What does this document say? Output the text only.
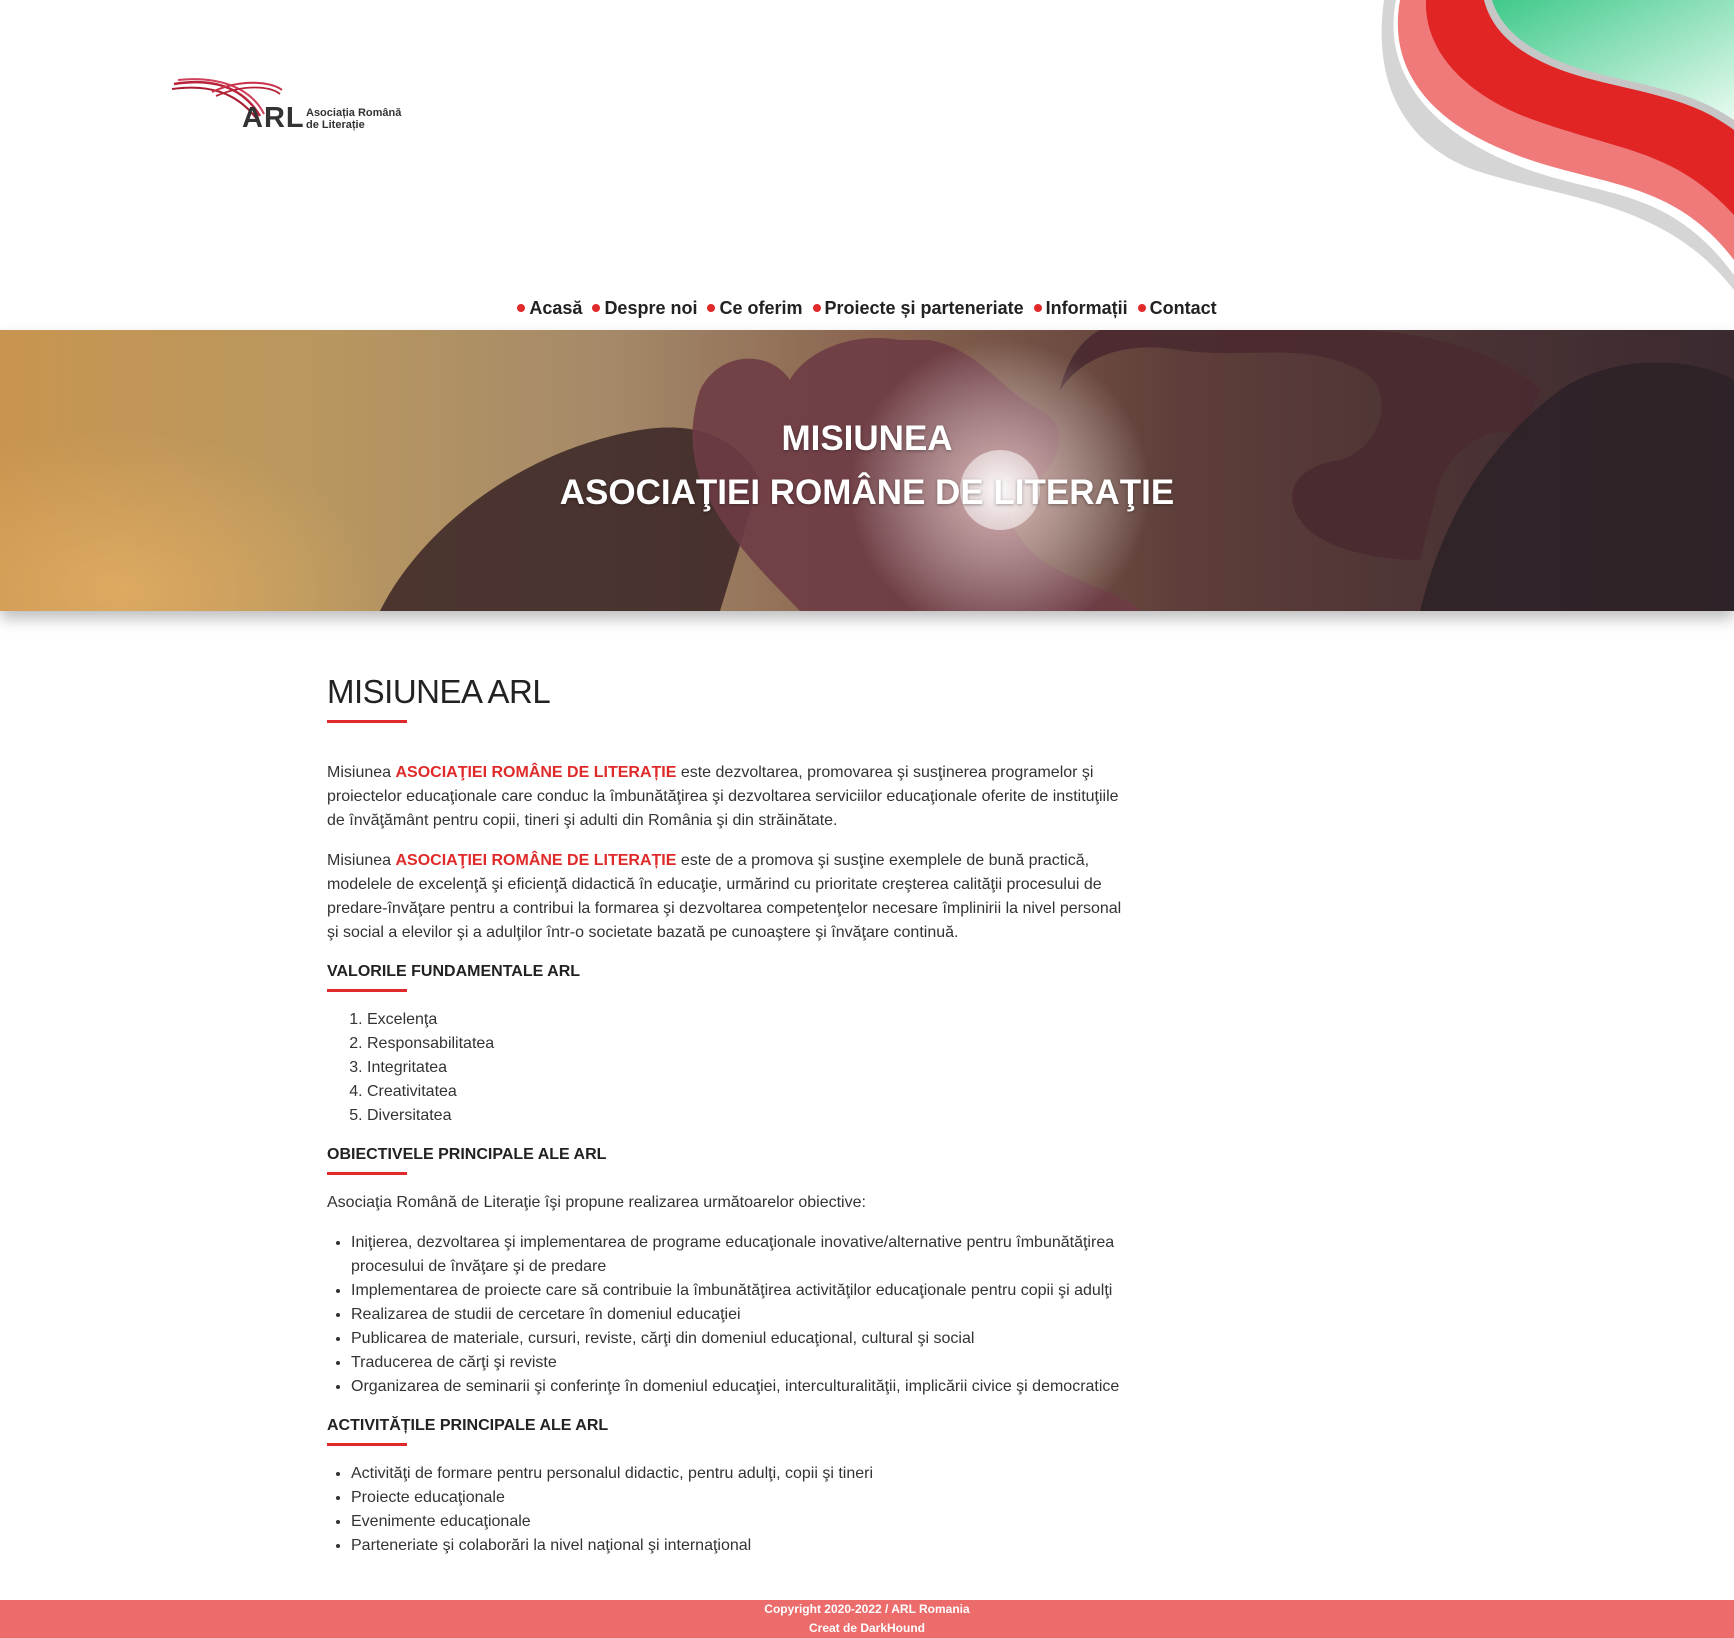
ARL Asociația Română
de Literație
Acasă Despre noi Ce oferim Proiecte și parteneriate Informații Contact
MISIUNEA
ASOCIAŢIEI ROMÂNE DE LITERAŢIE
MISIUNEA ARL

Misiunea ASOCIAŢIEI ROMÂNE DE LITERAȚIE este dezvoltarea, promovarea şi susţinerea programelor şi proiectelor educaţionale care conduc la îmbunătăţirea şi dezvoltarea serviciilor educaţionale oferite de instituţiile de învăţământ pentru copii, tineri şi adulti din România şi din străinătate.

Misiunea ASOCIAŢIEI ROMÂNE DE LITERAȚIE este de a promova şi susţine exemplele de bună practică, modelele de excelenţă şi eficienţă didactică în educaţie, urmărind cu prioritate creşterea calităţii procesului de predare-învăţare pentru a contribui la formarea şi dezvoltarea competenţelor necesare împlinirii la nivel personal şi social a elevilor şi a adulţilor într-o societate bazată pe cunoaştere şi învăţare continuă.

VALORILE FUNDAMENTALE ARL
1. Excelenţa
2. Responsabilitatea
3. Integritatea
4. Creativitatea
5. Diversitatea
OBIECTIVELE PRINCIPALE ALE ARL

Asociaţia Română de Literaţie îşi propune realizarea următoarelor obiective:

• Iniţierea, dezvoltarea şi implementarea de programe educaţionale inovative/alternative pentru îmbunătăţirea procesului de învăţare şi de predare
• Implementarea de proiecte care să contribuie la îmbunătăţirea activităţilor educaţionale pentru copii şi adulţi
• Realizarea de studii de cercetare în domeniul educaţiei
• Publicarea de materiale, cursuri, reviste, cărţi din domeniul educaţional, cultural şi social
• Traducerea de cărţi şi reviste
• Organizarea de seminarii şi conferinţe în domeniul educaţiei, interculturalităţii, implicării civice şi democratice
ACTIVITĂȚILE PRINCIPALE ALE ARL
• Activităţi de formare pentru personalul didactic, pentru adulţi, copii şi tineri
• Proiecte educaţionale
• Evenimente educaţionale
• Parteneriate şi colaborări la nivel naţional şi internaţional
Copyright 2020-2022 / ARL Romania
Creat de DarkHound
